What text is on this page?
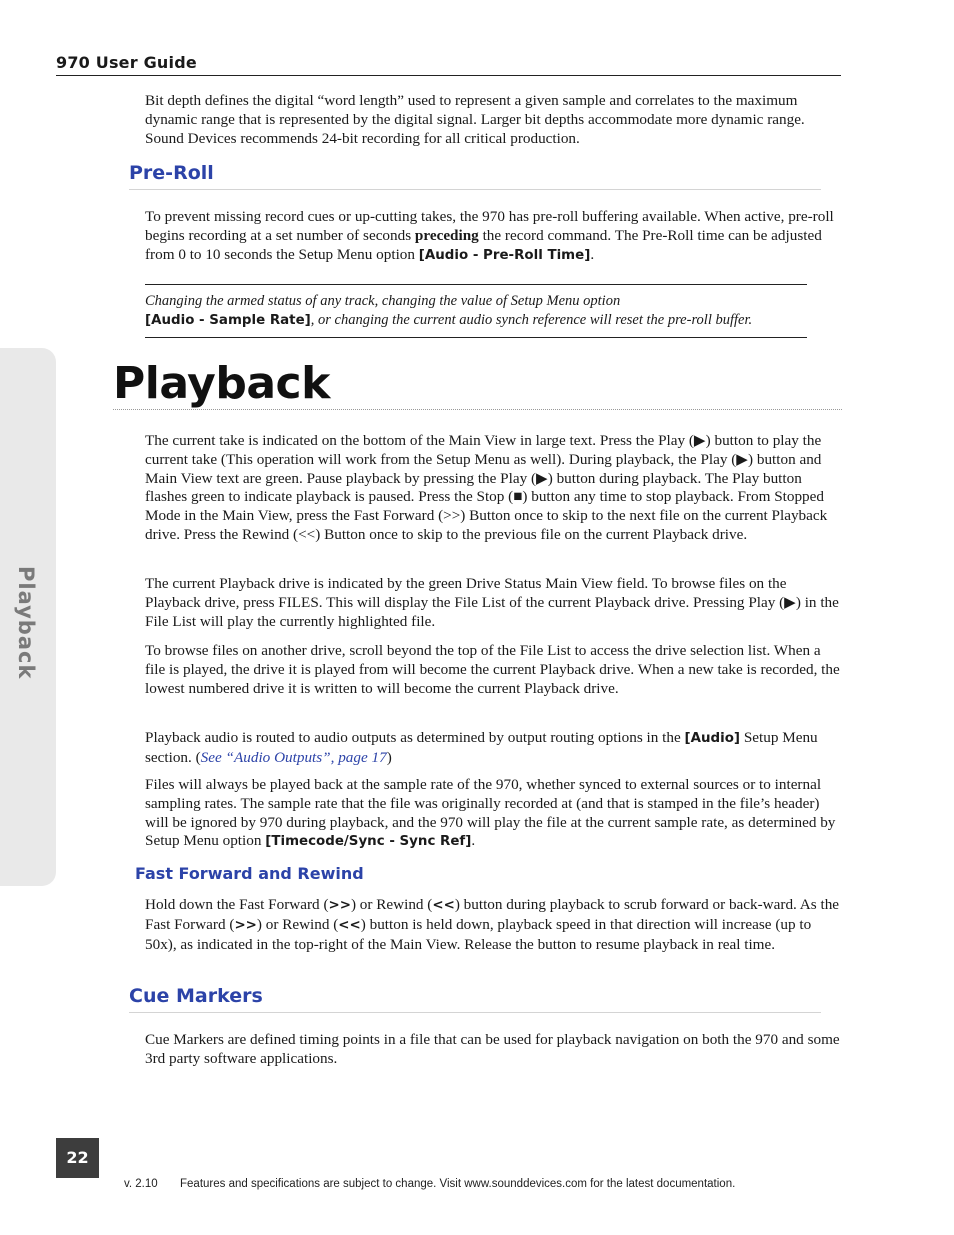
970 User Guide
Playback

Bit depth defines the digital “word length” used to represent a given sample and correlates to the maximum dynamic range that is represented by the digital signal. Larger bit depths accommodate more dynamic range. Sound Devices recommends 24-bit recording for all critical production.

Pre-Roll

To prevent missing record cues or up-cutting takes, the 970 has pre-roll buffering available. When active, pre-roll begins recording at a set number of seconds preceding the record command. The Pre-Roll time can be adjusted from 0 to 10 seconds the Setup Menu option [Audio - Pre-Roll Time].

Changing the armed status of any track, changing the value of Setup Menu option
[Audio - Sample Rate], or changing the current audio synch reference will reset the pre-roll buffer.

Playback

The current take is indicated on the bottom of the Main View in large text. Press the Play (▶) button to play the current take (This operation will work from the Setup Menu as well). During playback, the Play (▶) button and Main View text are green. Pause playback by pressing the Play (▶) button during playback. The Play button flashes green to indicate playback is paused. Press the Stop (■) button any time to stop playback. From Stopped Mode in the Main View, press the Fast Forward (>>) Button once to skip to the next file on the current Playback drive. Press the Rewind (<<) Button once to skip to the previous file on the current Playback drive.

The current Playback drive is indicated by the green Drive Status Main View field. To browse files on the Playback drive, press FILES. This will display the File List of the current Playback drive. Pressing Play (▶) in the File List will play the currently highlighted file.

To browse files on another drive, scroll beyond the top of the File List to access the drive selection list. When a file is played, the drive it is played from will become the current Playback drive. When a new take is recorded, the lowest numbered drive it is written to will become the current Playback drive.

Playback audio is routed to audio outputs as determined by output routing options in the [Audio] Setup Menu section. (See “Audio Outputs”, page 17)

Files will always be played back at the sample rate of the 970, whether synced to external sources or to internal sampling rates. The sample rate that the file was originally recorded at (and that is stamped in the file’s header) will be ignored by 970 during playback, and the 970 will play the file at the current sample rate, as determined by Setup Menu option [Timecode/Sync - Sync Ref].

Fast Forward and Rewind

Hold down the Fast Forward (>>) or Rewind (<<) button during playback to scrub forward or back-ward. As the Fast Forward (>>) or Rewind (<<) button is held down, playback speed in that direction will increase (up to 50x), as indicated in the top-right of the Main View. Release the button to resume playback in real time.

Cue Markers

Cue Markers are defined timing points in a file that can be used for playback navigation on both the 970 and some 3rd party software applications.

22
v. 2.10 Features and specifications are subject to change. Visit www.sounddevices.com for the latest documentation.
